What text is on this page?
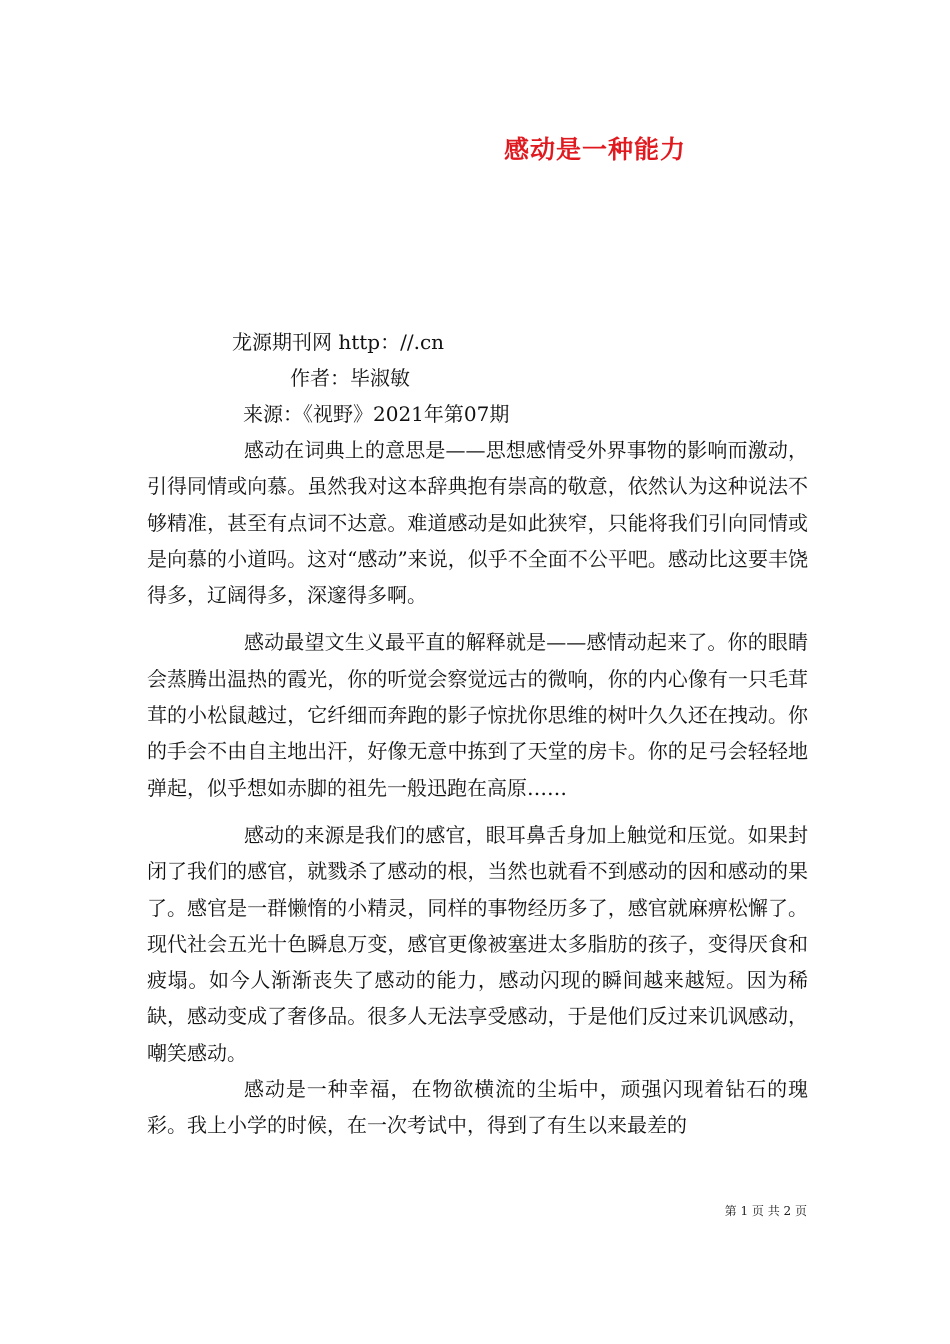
感动是一种能力
龙源期刊网 http：//.cn
作者：毕淑敏
来源：《视野》2021年第07期

感动在词典上的意思是——思想感情受外界事物的影响而激动，引得同情或向慕。虽然我对这本辞典抱有崇高的敬意，依然认为这种说法不够精准，甚至有点词不达意。难道感动是如此狭窄，只能将我们引向同情或是向慕的小道吗。这对“感动”来说，似乎不全面不公平吧。感动比这要丰饶得多，辽阔得多，深邃得多啊。

感动最望文生义最平直的解释就是——感情动起来了。你的眼睛会蒸腾出温热的霞光，你的听觉会察觉远古的微响，你的内心像有一只毛茸茸的小松鼠越过，它纤细而奔跑的影子惊扰你思维的树叶久久还在拽动。你的手会不由自主地出汗，好像无意中拣到了天堂的房卡。你的足弓会轻轻地弹起，似乎想如赤脚的祖先一般迅跑在高原……

感动的来源是我们的感官，眼耳鼻舌身加上触觉和压觉。如果封闭了我们的感官，就戮杀了感动的根，当然也就看不到感动的因和感动的果了。感官是一群懒惰的小精灵，同样的事物经历多了，感官就麻痹松懈了。现代社会五光十色瞬息万变，感官更像被塞进太多脂肪的孩子，变得厌食和疲塌。如今人渐渐丧失了感动的能力，感动闪现的瞬间越来越短。因为稀缺，感动变成了奢侈品。很多人无法享受感动，于是他们反过来讥讽感动，嘲笑感动。

感动是一种幸福，在物欲横流的尘垢中，顽强闪现着钻石的瑰彩。我上小学的时候，在一次考试中，得到了有生以来最差的

第 1 页 共 2 页
